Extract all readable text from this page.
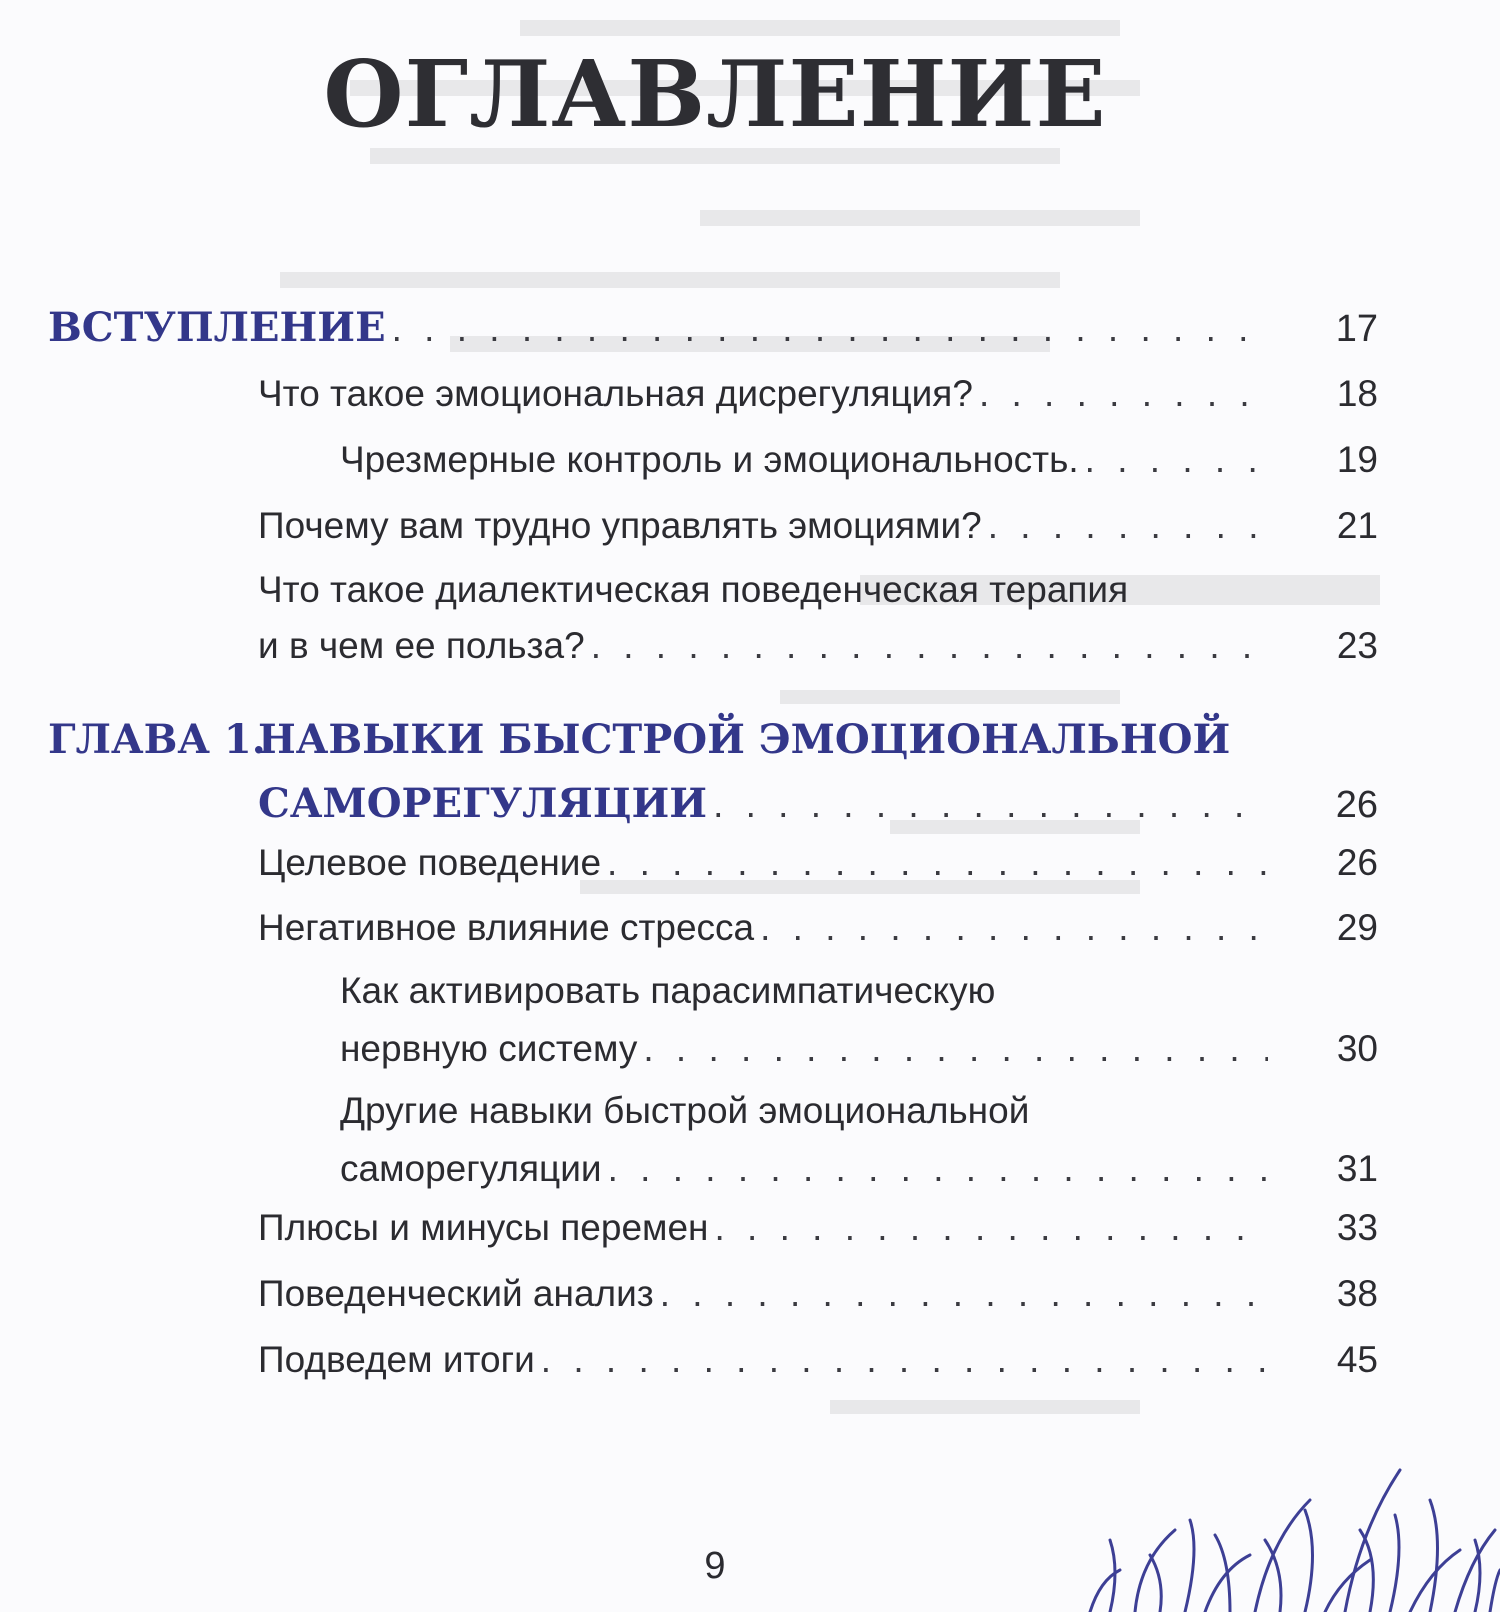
ОГЛАВЛЕНИЕ
ВСТУПЛЕНИЕ . . .	17
Что такое эмоциональная дисрегуляция? . . .	18
Чрезмерные контроль и эмоциональность. . . .	19
Почему вам трудно управлять эмоциями? . . .	21
Что такое диалектическая поведенческая терапия
и в чем ее польза? . . .	23
ГЛАВА 1.
НАВЫКИ БЫСТРОЙ ЭМОЦИОНАЛЬНОЙ
САМОРЕГУЛЯЦИИ . . .	26
Целевое поведение . . .	26
Негативное влияние стресса . . .	29
Как активировать парасимпатическую
нервную систему . . .	30
Другие навыки быстрой эмоциональной
саморегуляции . . .	31
Плюсы и минусы перемен . . .	33
Поведенческий анализ . . .	38
Подведем итоги . . .	45
9
